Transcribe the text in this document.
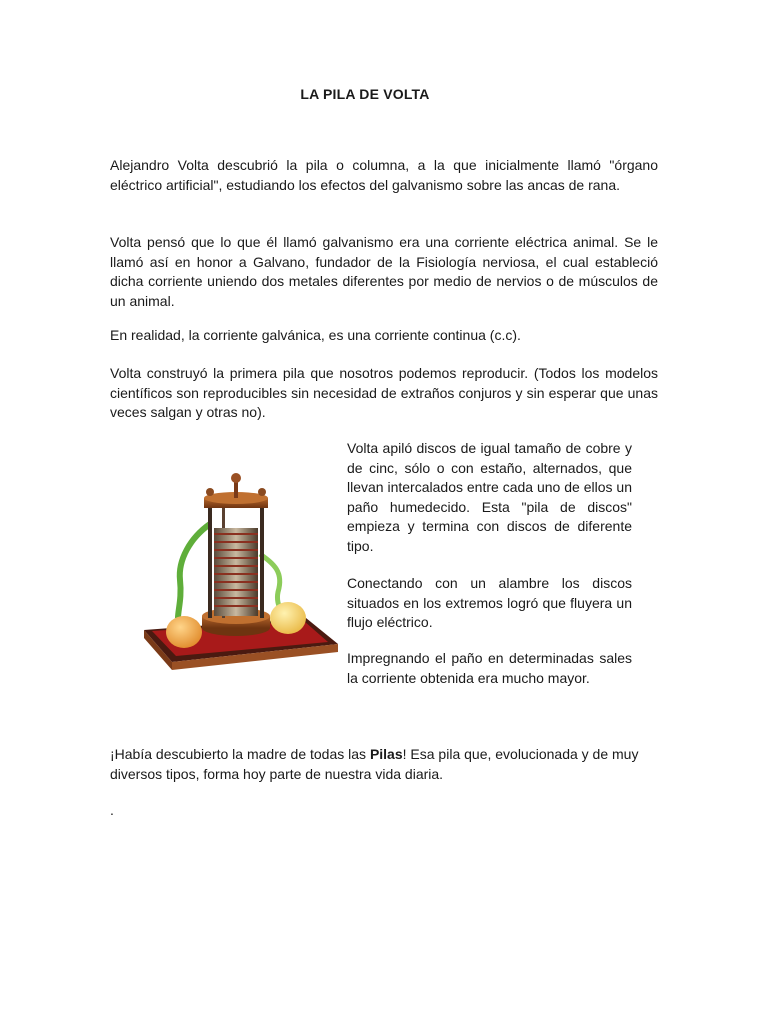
LA PILA DE VOLTA

Alejandro Volta descubrió la pila o columna, a la que inicialmente llamó "órgano eléctrico artificial", estudiando los efectos del galvanismo sobre las ancas de rana.

Volta pensó que lo que él llamó galvanismo era una corriente eléctrica animal. Se le llamó así en honor a Galvano, fundador de la Fisiología nerviosa, el cual estableció dicha corriente uniendo dos metales diferentes por medio de nervios o de músculos de un animal.

En realidad, la corriente galvánica, es una corriente continua (c.c).

Volta construyó la primera pila que nosotros podemos reproducir. (Todos los modelos científicos son reproducibles sin necesidad de extraños conjuros y sin esperar que unas veces salgan y otras no).

Volta apiló discos de igual tamaño de cobre y de cinc, sólo o con estaño, alternados, que llevan intercalados entre cada uno de ellos un paño humedecido. Esta "pila de discos" empieza y termina con discos de diferente tipo.

Conectando con un alambre los discos situados en los extremos logró que fluyera un flujo eléctrico.

Impregnando el paño en determinadas sales la corriente obtenida era mucho mayor.

¡Había descubierto la madre de todas las Pilas! Esa pila que, evolucionada y de muy diversos tipos, forma hoy parte de nuestra vida diaria.

.
